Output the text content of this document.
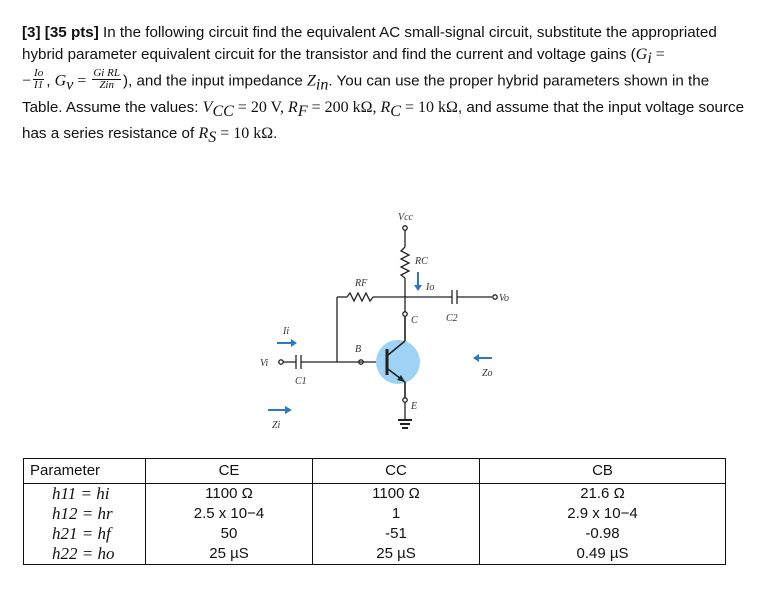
[3] [35 pts] In the following circuit find the equivalent AC small-signal circuit, substitute the appropriated hybrid parameter equivalent circuit for the transistor and find the current and voltage gains ($G_i$ =
− $\frac{Io}{I1}$ , $G_v = \frac{\text{Gi RL}}{\text{Zin}}$ ), and the input impedance $Z_{in}$. You can use the proper hybrid parameters shown in the Table. Assume the values: $V_{CC} = 20$ V, $R_F = 200$ kΩ, $R_C = 10$ kΩ, and assume that the input voltage source has a series resistance of $R_S = 10$ kΩ.

Vcc
RC
RF	Io
C2
Vo
C
Ii
B
Vi
C1
Zo
E
Zi
Parameter	CE	CC	CB
h11 = hi	1100 Ω	1100 Ω	21.6 Ω
h12 = hr	2.5 x 10−4	1	2.9 x 10−4
h21 = hf	50	-51	-0.98
h22 = ho	25 µS	25 µS	0.49 µS
